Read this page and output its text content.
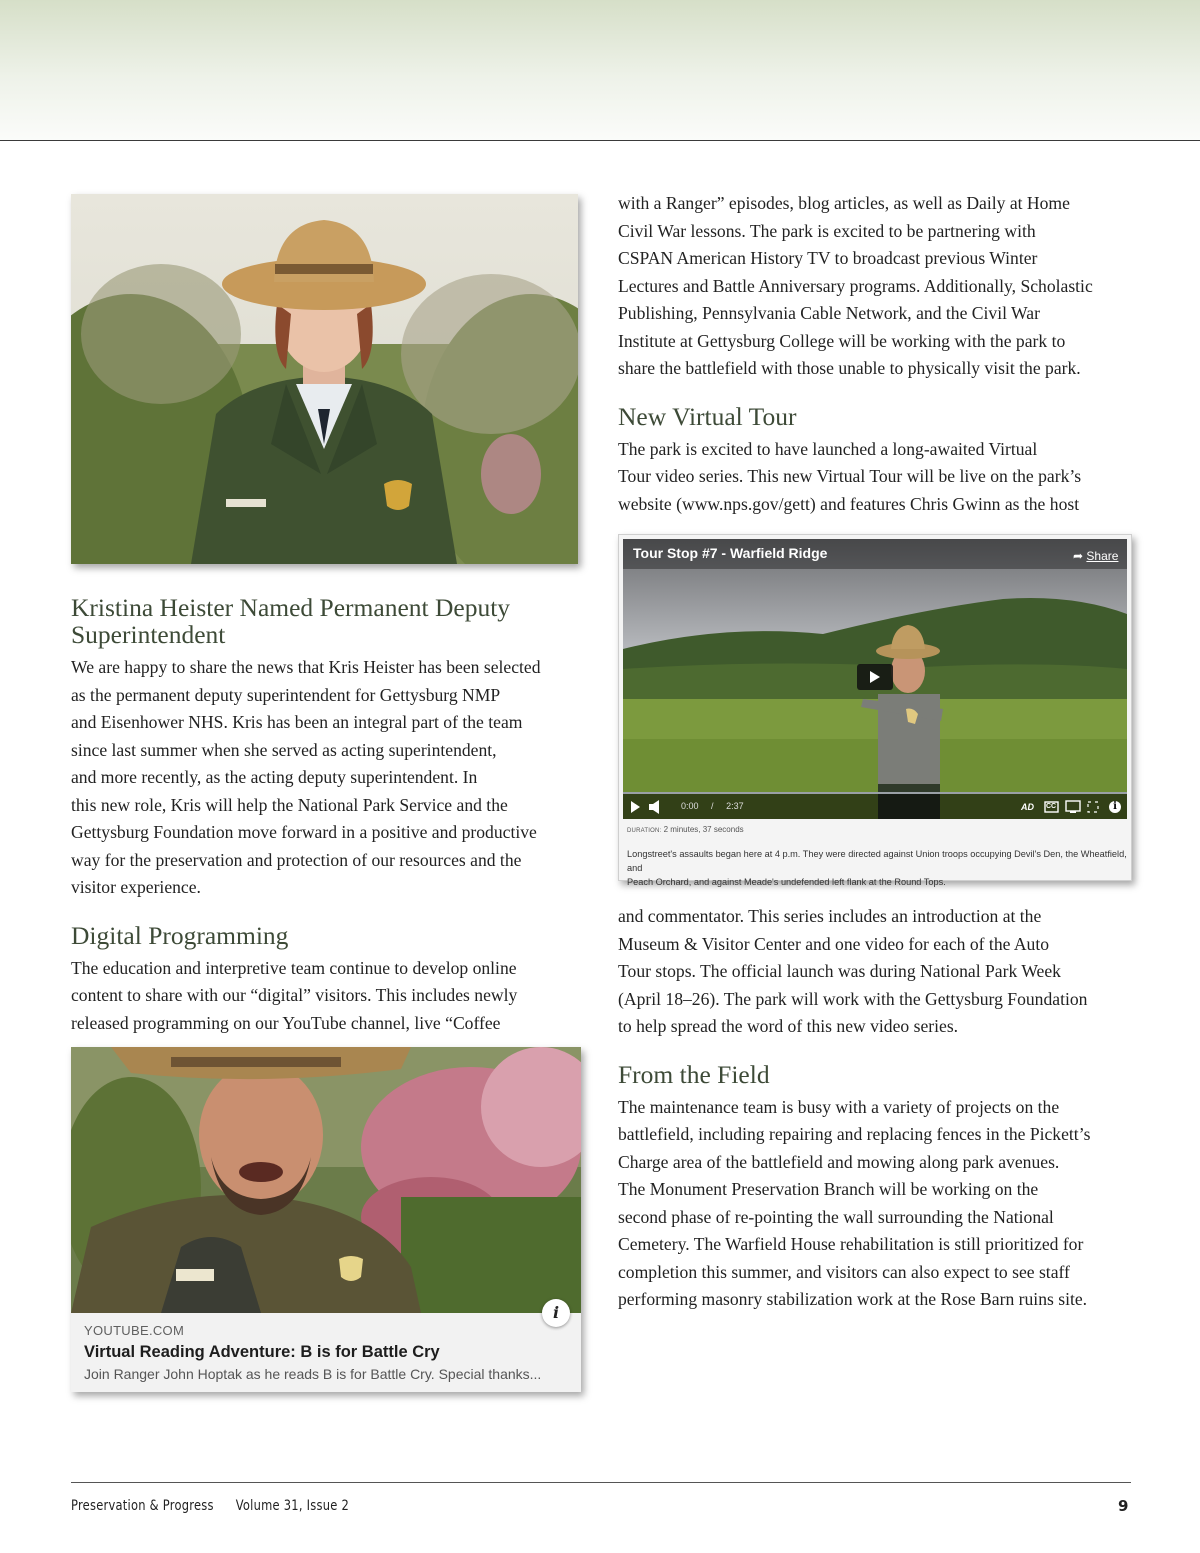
Kristina Heister Named Permanent Deputy
Superintendent

We are happy to share the news that Kris Heister has been selected
as the permanent deputy superintendent for Gettysburg NMP
and Eisenhower NHS. Kris has been an integral part of the team
since last summer when she served as acting superintendent,
and more recently, as the acting deputy superintendent. In
this new role, Kris will help the National Park Service and the
Gettysburg Foundation move forward in a positive and productive
way for the preservation and protection of our resources and the
visitor experience.

Digital Programming

The education and interpretive team continue to develop online
content to share with our “digital” visitors. This includes newly
released programming on our YouTube channel, live “Coffee

i
YOUTUBE.COM
Virtual Reading Adventure: B is for Battle Cry
Join Ranger John Hoptak as he reads B is for Battle Cry. Special thanks...

with a Ranger” episodes, blog articles, as well as Daily at Home
Civil War lessons. The park is excited to be partnering with
CSPAN American History TV to broadcast previous Winter
Lectures and Battle Anniversary programs. Additionally, Scholastic
Publishing, Pennsylvania Cable Network, and the Civil War
Institute at Gettysburg College will be working with the park to
share the battlefield with those unable to physically visit the park.

New Virtual Tour

The park is excited to have launched a long-awaited Virtual
Tour video series. This new Virtual Tour will be live on the park’s
website (www.nps.gov/gett) and features Chris Gwinn as the host

Tour Stop #7 - Warfield Ridge	➦ Share
0:00 / 2:37	AD CC	i
DURATION: 2 minutes, 37 seconds
Longstreet's assaults began here at 4 p.m. They were directed against Union troops occupying Devil's Den, the Wheatfield, and
Peach Orchard, and against Meade's undefended left flank at the Round Tops.

and commentator. This series includes an introduction at the
Museum & Visitor Center and one video for each of the Auto
Tour stops. The official launch was during National Park Week
(April 18–26). The park will work with the Gettysburg Foundation
to help spread the word of this new video series.

From the Field

The maintenance team is busy with a variety of projects on the
battlefield, including repairing and replacing fences in the Pickett’s
Charge area of the battlefield and mowing along park avenues.
The Monument Preservation Branch will be working on the
second phase of re-pointing the wall surrounding the National
Cemetery. The Warfield House rehabilitation is still prioritized for
completion this summer, and visitors can also expect to see staff
performing masonry stabilization work at the Rose Barn ruins site.

Preservation & Progress Volume 31, Issue 2	9
